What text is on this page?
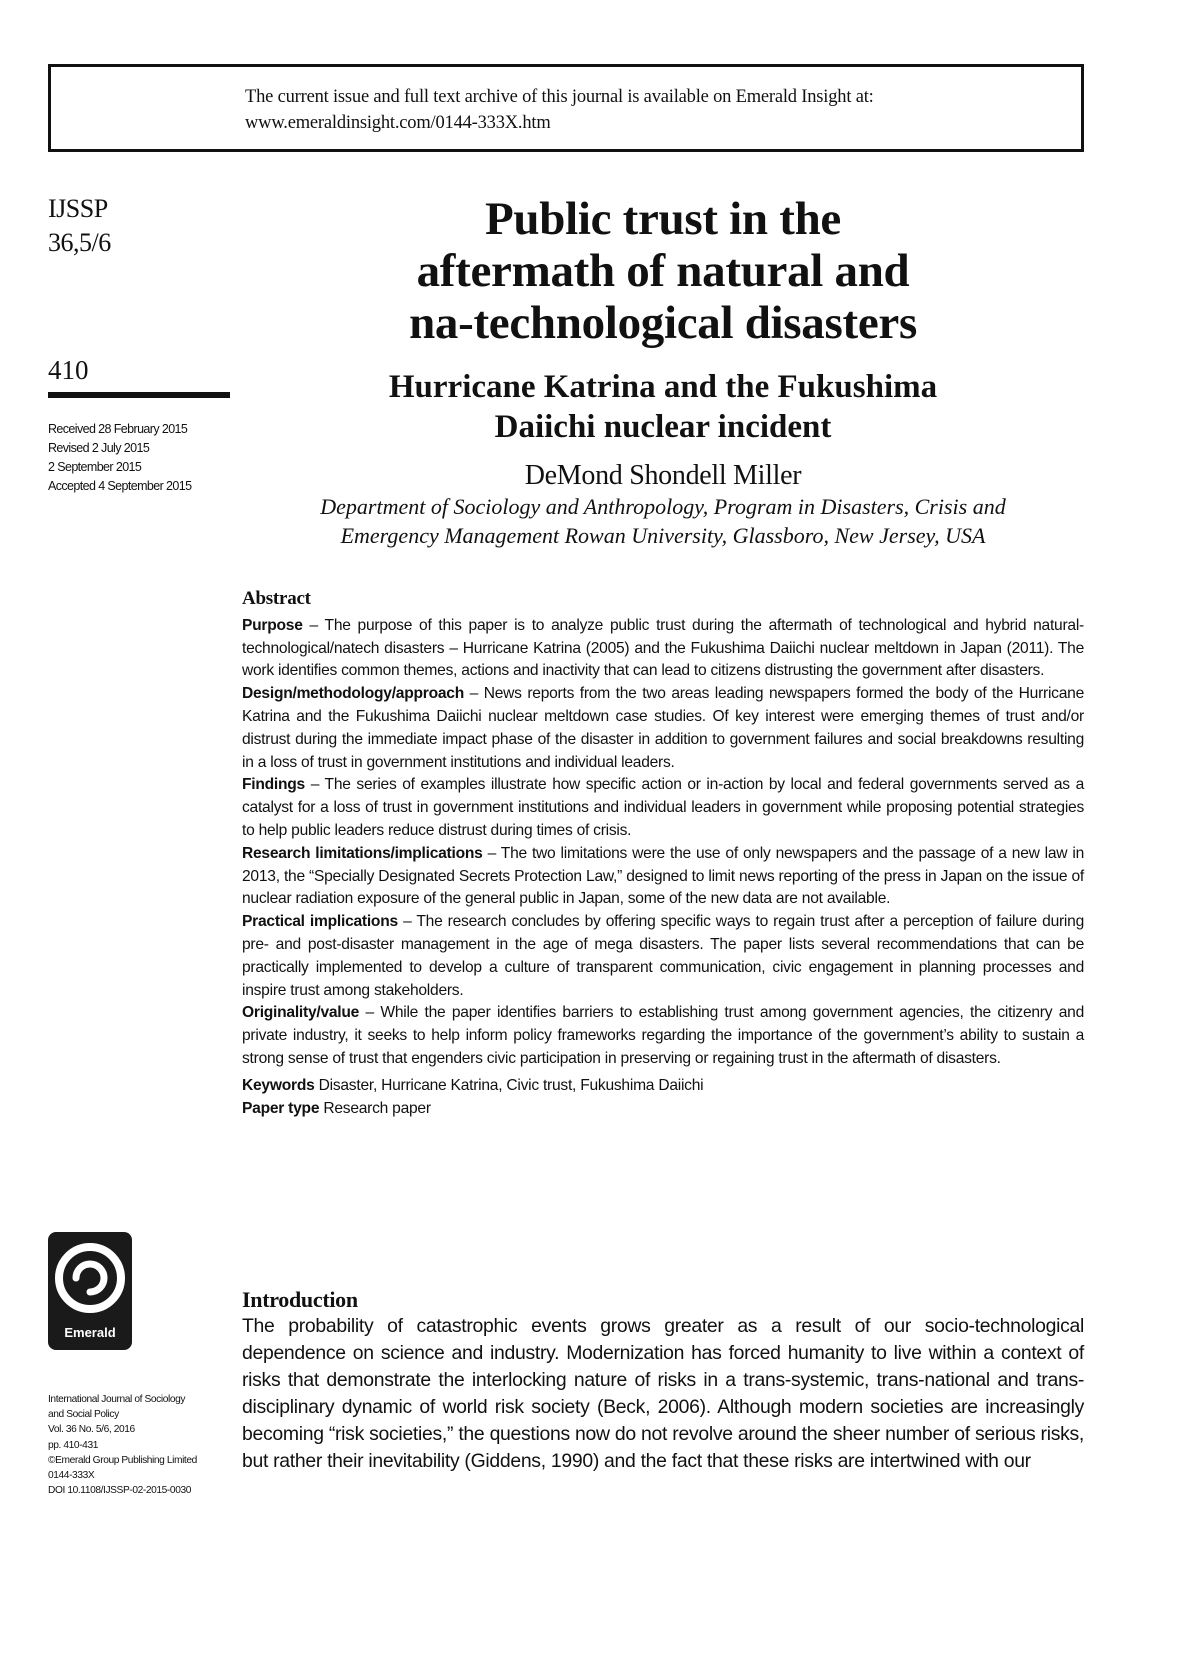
The current issue and full text archive of this journal is available on Emerald Insight at:
www.emeraldinsight.com/0144-333X.htm
IJSSP
36,5/6
410
Received 28 February 2015
Revised 2 July 2015
2 September 2015
Accepted 4 September 2015
Public trust in the
aftermath of natural and
na-technological disasters
Hurricane Katrina and the Fukushima
Daiichi nuclear incident
DeMond Shondell Miller
Department of Sociology and Anthropology, Program in Disasters, Crisis and
Emergency Management Rowan University, Glassboro, New Jersey, USA
Abstract

Purpose – The purpose of this paper is to analyze public trust during the aftermath of technological and hybrid natural-technological/natech disasters – Hurricane Katrina (2005) and the Fukushima Daiichi nuclear meltdown in Japan (2011). The work identifies common themes, actions and inactivity that can lead to citizens distrusting the government after disasters.

Design/methodology/approach – News reports from the two areas leading newspapers formed the body of the Hurricane Katrina and the Fukushima Daiichi nuclear meltdown case studies. Of key interest were emerging themes of trust and/or distrust during the immediate impact phase of the disaster in addition to government failures and social breakdowns resulting in a loss of trust in government institutions and individual leaders.

Findings – The series of examples illustrate how specific action or in-action by local and federal governments served as a catalyst for a loss of trust in government institutions and individual leaders in government while proposing potential strategies to help public leaders reduce distrust during times of crisis.

Research limitations/implications – The two limitations were the use of only newspapers and the passage of a new law in 2013, the “Specially Designated Secrets Protection Law,” designed to limit news reporting of the press in Japan on the issue of nuclear radiation exposure of the general public in Japan, some of the new data are not available.

Practical implications – The research concludes by offering specific ways to regain trust after a perception of failure during pre- and post-disaster management in the age of mega disasters. The paper lists several recommendations that can be practically implemented to develop a culture of transparent communication, civic engagement in planning processes and inspire trust among stakeholders.

Originality/value – While the paper identifies barriers to establishing trust among government agencies, the citizenry and private industry, it seeks to help inform policy frameworks regarding the importance of the government’s ability to sustain a strong sense of trust that engenders civic participation in preserving or regaining trust in the aftermath of disasters.

Keywords Disaster, Hurricane Katrina, Civic trust, Fukushima Daiichi

Paper type Research paper

Introduction

The probability of catastrophic events grows greater as a result of our socio-technological dependence on science and industry. Modernization has forced humanity to live within a context of risks that demonstrate the interlocking nature of risks in a trans-systemic, trans-national and trans-disciplinary dynamic of world risk society (Beck, 2006). Although modern societies are increasingly becoming “risk societies,” the questions now do not revolve around the sheer number of serious risks, but rather their inevitability (Giddens, 1990) and the fact that these risks are intertwined with our

Emerald
International Journal of Sociology
and Social Policy
Vol. 36 No. 5/6, 2016
pp. 410-431
©Emerald Group Publishing Limited
0144-333X
DOI 10.1108/IJSSP-02-2015-0030
